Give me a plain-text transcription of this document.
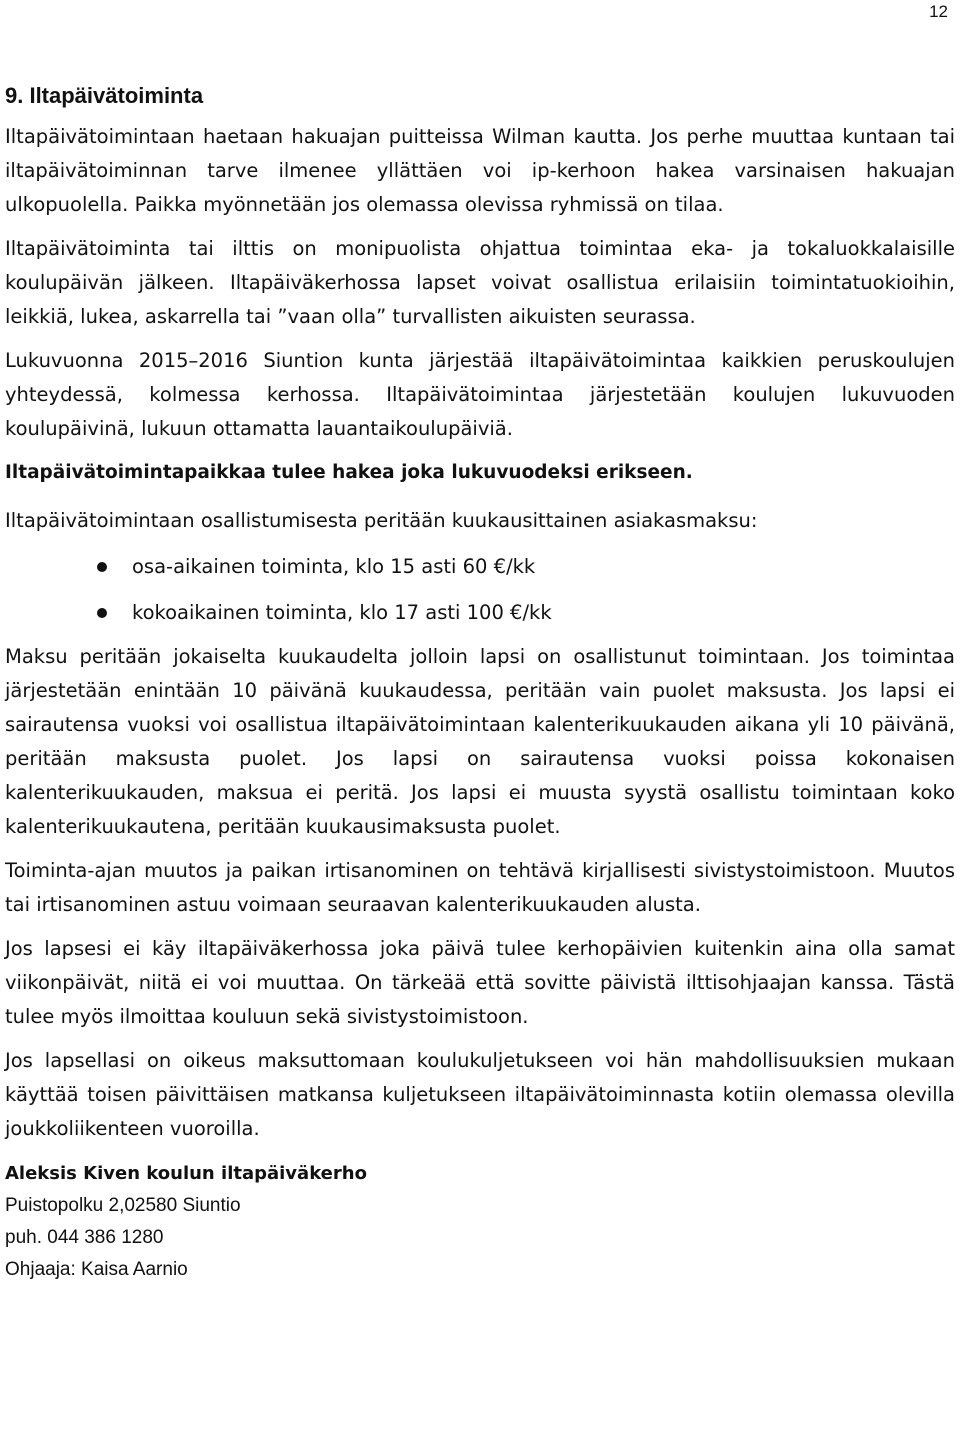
12
9. Iltapäivätoiminta

Iltapäivätoimintaan haetaan hakuajan puitteissa Wilman kautta. Jos perhe muuttaa kuntaan tai iltapäivätoiminnan tarve ilmenee yllättäen voi ip-kerhoon hakea varsinaisen hakuajan ulkopuolella. Paikka myönnetään jos olemassa olevissa ryhmissä on tilaa.

Iltapäivätoiminta tai ilttis on monipuolista ohjattua toimintaa eka- ja tokaluokkalaisille koulupäivän jälkeen. Iltapäiväkerhossa lapset voivat osallistua erilaisiin toimintatuokioihin, leikkiä, lukea, askarrella tai ”vaan olla” turvallisten aikuisten seurassa.

Lukuvuonna 2015–2016 Siuntion kunta järjestää iltapäivätoimintaa kaikkien peruskoulujen yhteydessä, kolmessa kerhossa. Iltapäivätoimintaa järjestetään koulujen lukuvuoden koulupäivinä, lukuun ottamatta lauantaikoulupäiviä.

Iltapäivätoimintapaikkaa tulee hakea joka lukuvuodeksi erikseen.

Iltapäivätoimintaan osallistumisesta peritään kuukausittainen asiakasmaksu:

osa-aikainen toiminta, klo 15 asti 60 €/kk
kokoaikainen toiminta, klo 17 asti 100 €/kk

Maksu peritään jokaiselta kuukaudelta jolloin lapsi on osallistunut toimintaan. Jos toimintaa järjestetään enintään 10 päivänä kuukaudessa, peritään vain puolet maksusta. Jos lapsi ei sairautensa vuoksi voi osallistua iltapäivätoimintaan kalenterikuukauden aikana yli 10 päivänä, peritään maksusta puolet. Jos lapsi on sairautensa vuoksi poissa kokonaisen kalenterikuukauden, maksua ei peritä. Jos lapsi ei muusta syystä osallistu toimintaan koko kalenterikuukautena, peritään kuukausimaksusta puolet.

Toiminta-ajan muutos ja paikan irtisanominen on tehtävä kirjallisesti sivistystoimistoon. Muutos tai irtisanominen astuu voimaan seuraavan kalenterikuukauden alusta.

Jos lapsesi ei käy iltapäiväkerhossa joka päivä tulee kerhopäivien kuitenkin aina olla samat viikonpäivät, niitä ei voi muuttaa. On tärkeää että sovitte päivistä ilttisohjaajan kanssa. Tästä tulee myös ilmoittaa kouluun sekä sivistystoimistoon.

Jos lapsellasi on oikeus maksuttomaan koulukuljetukseen voi hän mahdollisuuksien mukaan käyttää toisen päivittäisen matkansa kuljetukseen iltapäivätoiminnasta kotiin olemassa olevilla joukkoliikenteen vuoroilla.

Aleksis Kiven koulun iltapäiväkerho
Puistopolku 2,02580 Siuntio
puh. 044 386 1280
Ohjaaja: Kaisa Aarnio
